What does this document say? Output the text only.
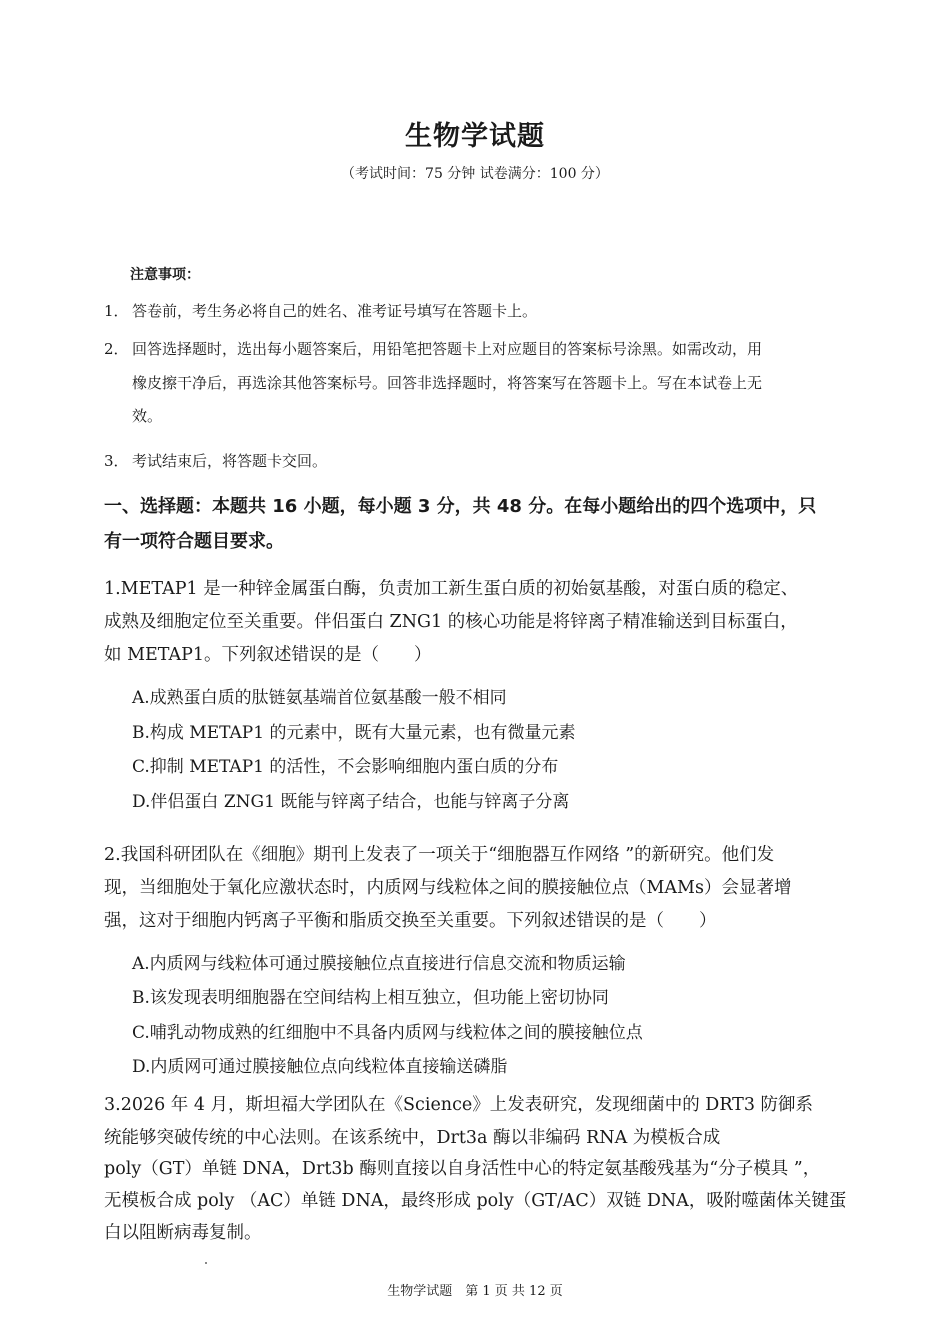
生物学试题
（考试时间：75 分钟 试卷满分：100 分）
注意事项：
1． 答卷前，考生务必将自己的姓名、准考证号填写在答题卡上。
2． 回答选择题时，选出每小题答案后，用铅笔把答题卡上对应题目的答案标号涂黑。如需改动，用
橡皮擦干净后，再选涂其他答案标号。回答非选择题时，将答案写在答题卡上。写在本试卷上无
效。
3． 考试结束后，将答题卡交回。
一、选择题：本题共 16 小题，每小题 3 分，共 48 分。在每小题给出的四个选项中，只
有一项符合题目要求。
1.METAP1 是一种锌金属蛋白酶，负责加工新生蛋白质的初始氨基酸，对蛋白质的稳定、
成熟及细胞定位至关重要。伴侣蛋白 ZNG1 的核心功能是将锌离子精准输送到目标蛋白，
如 METAP1。下列叙述错误的是（　　）
A.成熟蛋白质的肽链氨基端首位氨基酸一般不相同
B.构成 METAP1 的元素中，既有大量元素，也有微量元素
C.抑制 METAP1 的活性，不会影响细胞内蛋白质的分布
D.伴侣蛋白 ZNG1 既能与锌离子结合，也能与锌离子分离
2.我国科研团队在《细胞》期刊上发表了一项关于“细胞器互作网络 ”的新研究。他们发
现，当细胞处于氧化应激状态时，内质网与线粒体之间的膜接触位点（MAMs）会显著增
强，这对于细胞内钙离子平衡和脂质交换至关重要。下列叙述错误的是（　　）
A.内质网与线粒体可通过膜接触位点直接进行信息交流和物质运输
B.该发现表明细胞器在空间结构上相互独立，但功能上密切协同
C.哺乳动物成熟的红细胞中不具备内质网与线粒体之间的膜接触位点
D.内质网可通过膜接触位点向线粒体直接输送磷脂
3.2026 年 4 月，斯坦福大学团队在《Science》上发表研究，发现细菌中的 DRT3 防御系
统能够突破传统的中心法则。在该系统中，Drt3a 酶以非编码 RNA 为模板合成
poly（GT）单链 DNA，Drt3b 酶则直接以自身活性中心的特定氨基酸残基为“分子模具 ”，
无模板合成 poly （AC）单链 DNA，最终形成 poly（GT/AC）双链 DNA，吸附噬菌体关键蛋
白以阻断病毒复制。
生物学试题　第 1 页 共 12 页
